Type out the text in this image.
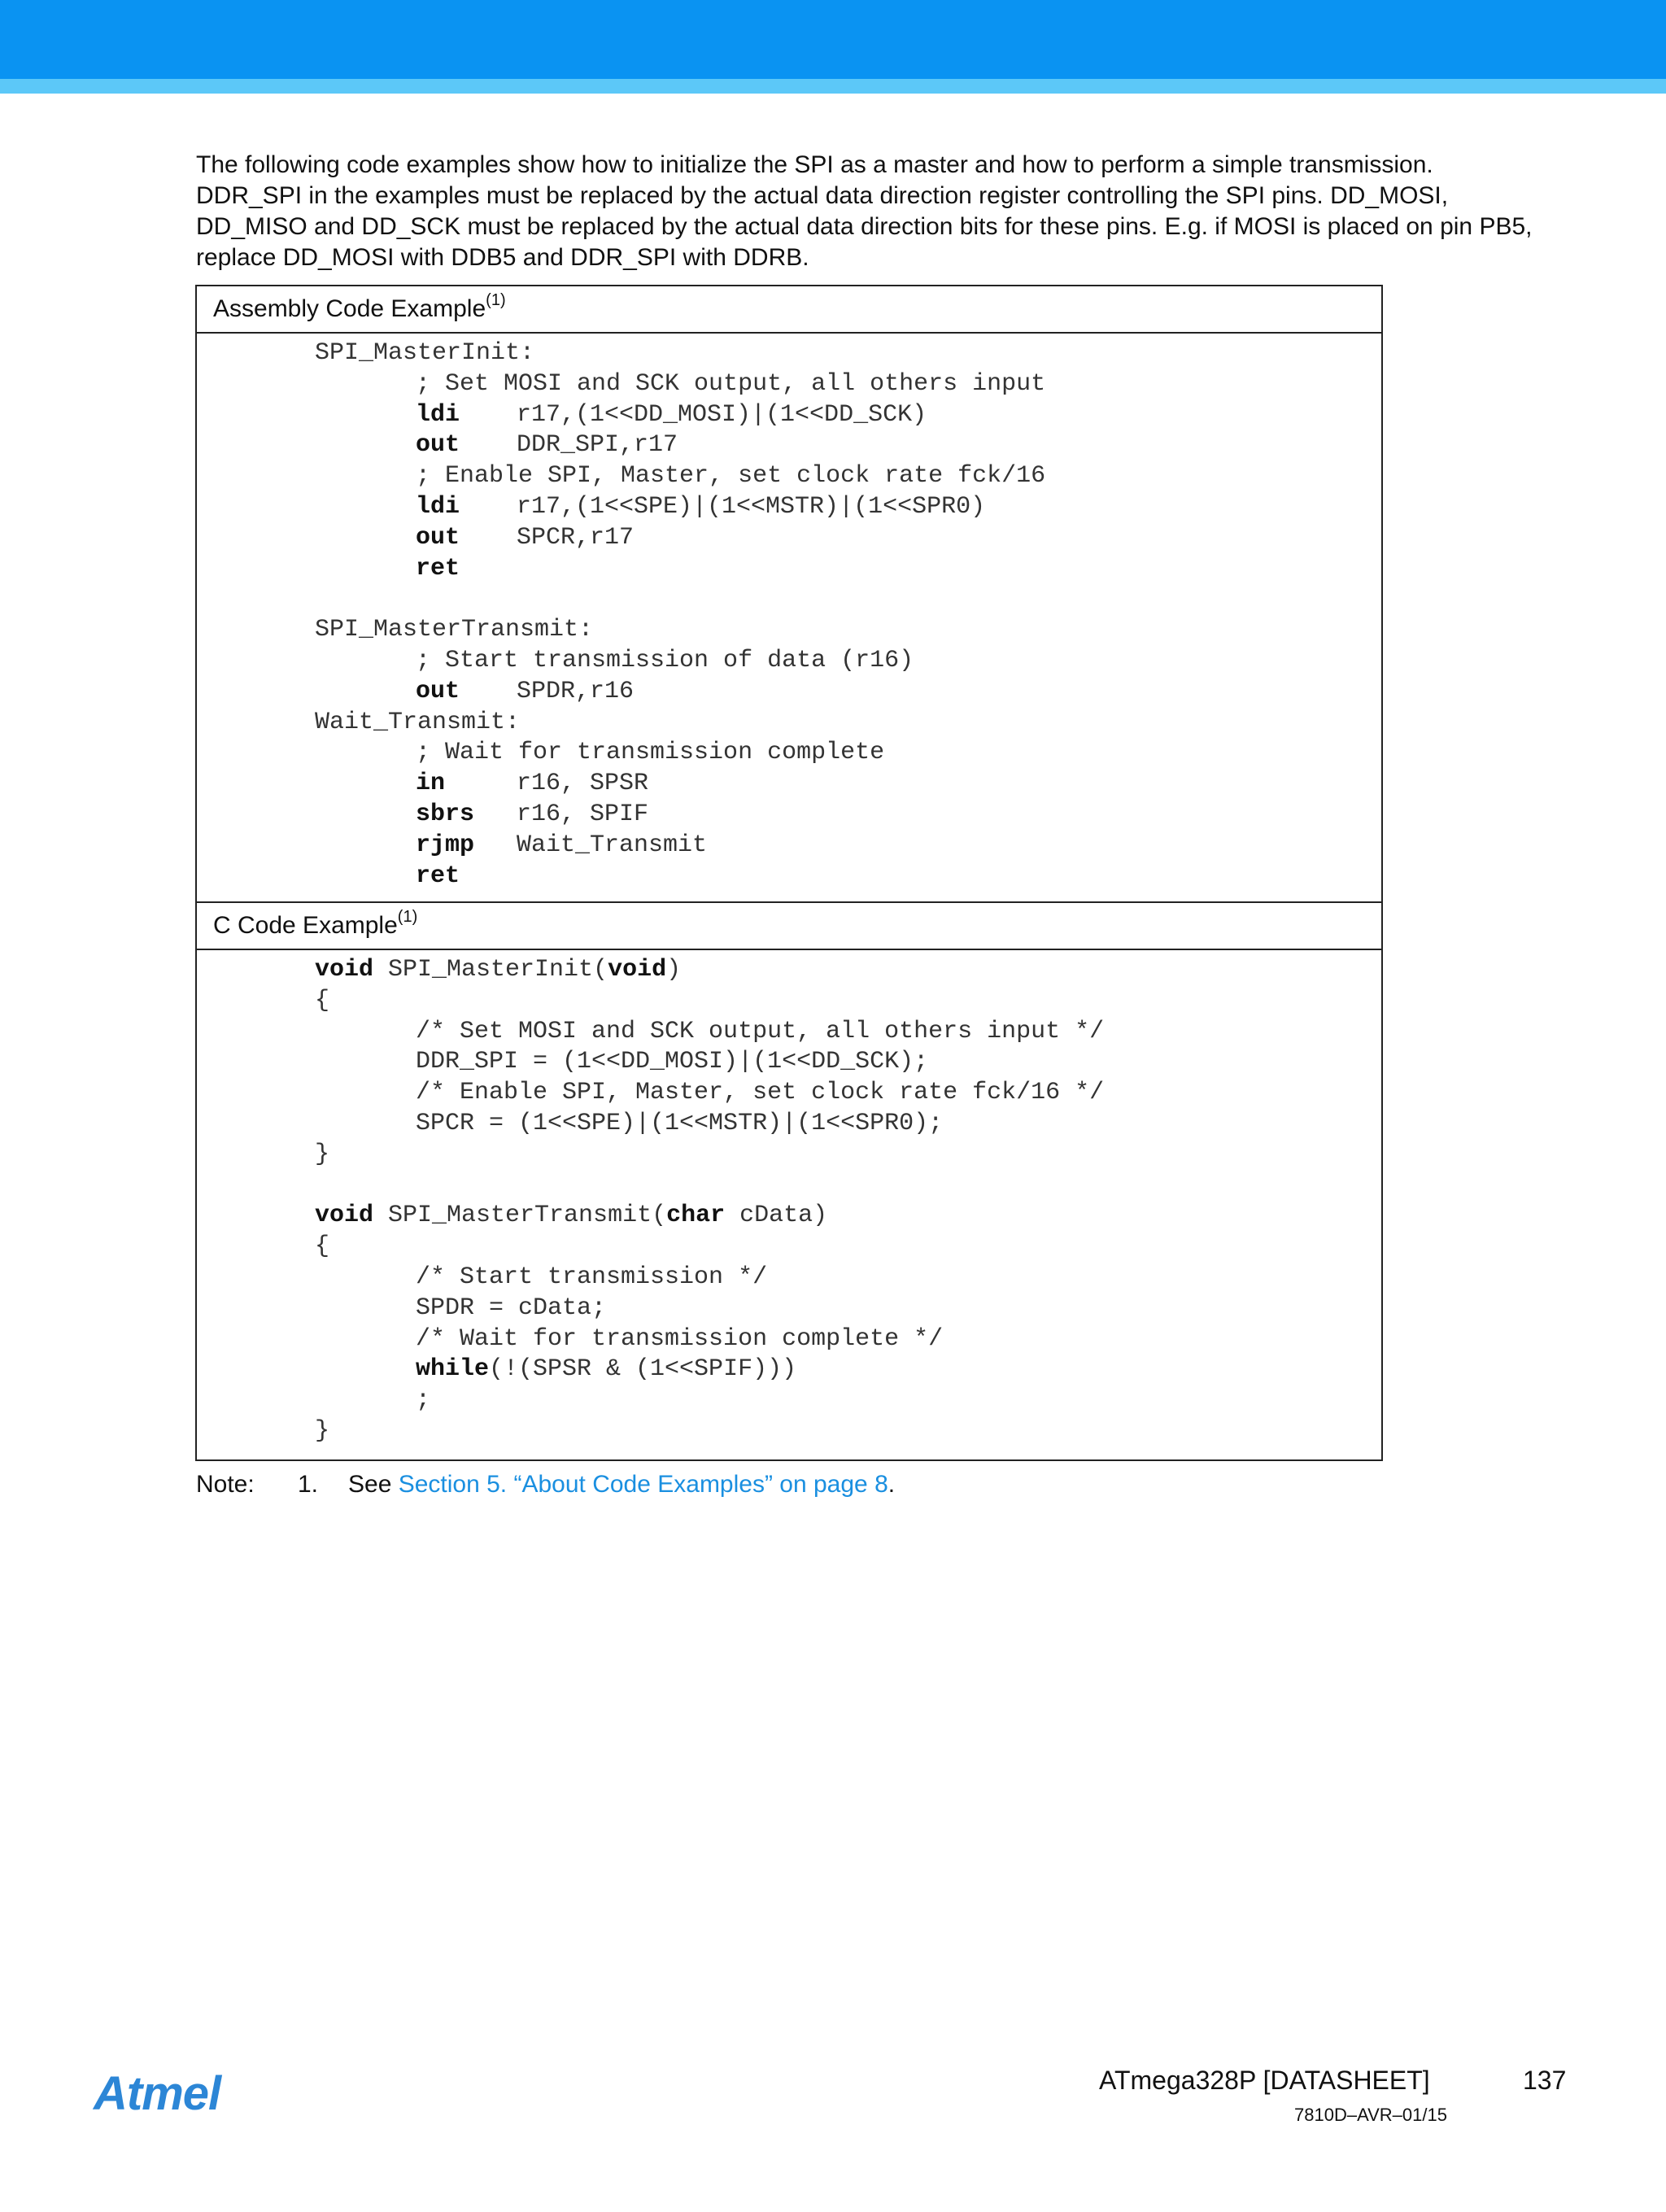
The following code examples show how to initialize the SPI as a master and how to perform a simple transmission.

DDR_SPI in the examples must be replaced by the actual data direction register controlling the SPI pins. DD_MOSI,

DD_MISO and DD_SCK must be replaced by the actual data direction bits for these pins. E.g. if MOSI is placed on pin PB5,

replace DD_MOSI with DDB5 and DDR_SPI with DDRB.

Assembly Code Example$^{(1)}$
SPI_MasterInit:
; Set MOSI and SCK output, all others input
ldi r17,(1<<DD_MOSI)|(1<<DD_SCK)
out DDR_SPI,r17
; Enable SPI, Master, set clock rate fck/16
ldi r17,(1<<SPE)|(1<<MSTR)|(1<<SPR0)
out SPCR,r17
ret
SPI_MasterTransmit:
; Start transmission of data (r16)
out SPDR,r16
Wait_Transmit:
; Wait for transmission complete
in	r16, SPSR
sbrs r16, SPIF
rjmp Wait_Transmit
ret
C Code Example$^{(1)}$
void SPI_MasterInit(void)
{
/* Set MOSI and SCK output, all others input */
DDR_SPI = (1<<DD_MOSI)|(1<<DD_SCK);
/* Enable SPI, Master, set clock rate fck/16 */
SPCR = (1<<SPE)|(1<<MSTR)|(1<<SPR0);
}
void SPI_MasterTransmit(char cData)
{
/* Start transmission */
SPDR = cData;
/* Wait for transmission complete */
while(!(SPSR & (1<<SPIF)))
;
}
Note: 1. See Section 5. “About Code Examples” on page 8.
Atmel	ATmega328P [DATASHEET]	137
7810D–AVR–01/15
